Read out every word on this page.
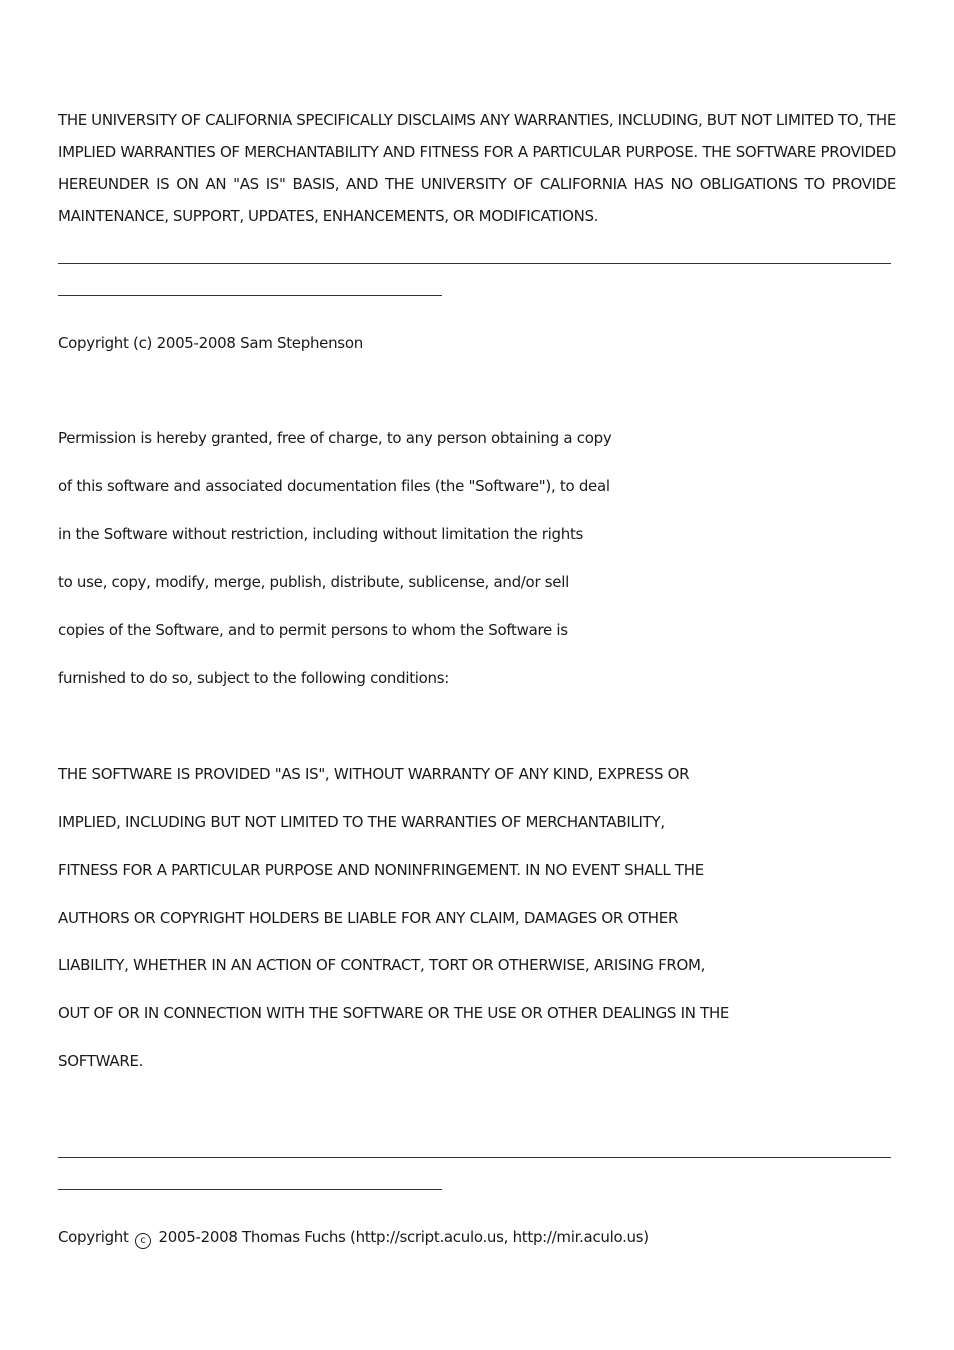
THE UNIVERSITY OF CALIFORNIA SPECIFICALLY DISCLAIMS ANY WARRANTIES, INCLUDING, BUT NOT LIMITED TO, THE IMPLIED WARRANTIES OF MERCHANTABILITY AND FITNESS FOR A PARTICULAR PURPOSE. THE SOFTWARE PROVIDED HEREUNDER IS ON AN "AS IS" BASIS, AND THE UNIVERSITY OF CALIFORNIA HAS NO OBLIGATIONS TO PROVIDE MAINTENANCE, SUPPORT, UPDATES, ENHANCEMENTS, OR MODIFICATIONS.
Copyright (c) 2005-2008 Sam Stephenson
Permission is hereby granted, free of charge, to any person obtaining a copy
of this software and associated documentation files (the "Software"), to deal
in the Software without restriction, including without limitation the rights
to use, copy, modify, merge, publish, distribute, sublicense, and/or sell
copies of the Software, and to permit persons to whom the Software is
furnished to do so, subject to the following conditions:
THE SOFTWARE IS PROVIDED "AS IS", WITHOUT WARRANTY OF ANY KIND, EXPRESS OR
IMPLIED, INCLUDING BUT NOT LIMITED TO THE WARRANTIES OF MERCHANTABILITY,
FITNESS FOR A PARTICULAR PURPOSE AND NONINFRINGEMENT. IN NO EVENT SHALL THE
AUTHORS OR COPYRIGHT HOLDERS BE LIABLE FOR ANY CLAIM, DAMAGES OR OTHER
LIABILITY, WHETHER IN AN ACTION OF CONTRACT, TORT OR OTHERWISE, ARISING FROM,
OUT OF OR IN CONNECTION WITH THE SOFTWARE OR THE USE OR OTHER DEALINGS IN THE
SOFTWARE.
Copyright c 2005-2008 Thomas Fuchs (http://script.aculo.us, http://mir.aculo.us)
